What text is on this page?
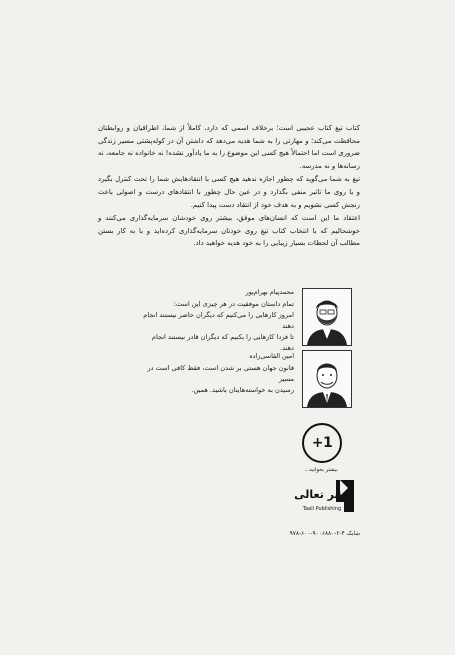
کتاب تیغ کتاب عجیبی است؛ برخلاف اسمی که دارد، کاملاً از شما، اطرافیان و روابطتان محافظت می‌کند؛ و مهارتی را به شما هدیه می‌دهد که داشتن آن در کوله‌پشتی مسیر زندگی ضروری است اما احتمالاً هیچ کسی این موضوع را به ما یادآور نشده! نه خانواده نه جامعه، نه رسانه‌ها و نه مدرسه.

تیغ به شما می‌گوید که چطور اجازه ندهید هیچ کسی با انتقادهایش شما را تحت کنترل بگیرد و یا روی ما تاثیر منفی بگذارد و در عین حال چطور با انتقادهای درست و اصولی باعث رنجش کسی نشویم و به هدف خود از انتقاد دست پیدا کنیم.

اعتقاد ما این است که انسان‌های موفق، بیشتر روی خودشان سرمایه‌گذاری می‌کنند و خوشحالیم که با انتخاب کتاب تیغ روی خودتان سرمایه‌گذاری کرده‌اید و با به کار بستن مطالب آن لحظات بسیار زیبایی را به خود هدیه خواهید داد.

محمدپیام بهرام‌پور
تمام داستان موفقیت در هر چیزی این است:
امروز کارهایی را می‌کنیم که دیگران حاضر نیستند انجام دهند
تا فردا کارهایی را بکنیم که دیگران قادر نیستند انجام دهند.
امین القاسی‌زاده
قانون جهان هستی بر شدن است، فقط کافی است در مسیر
رسیدن به خواسته‌هایتان باشید. همین.
+1
بیشتر بخوانید...
نشر تعالی
Taali Publishing
شابک ۴-۲-۹۰۰۶۸۸۰-۶۰۰-۹۷۸
